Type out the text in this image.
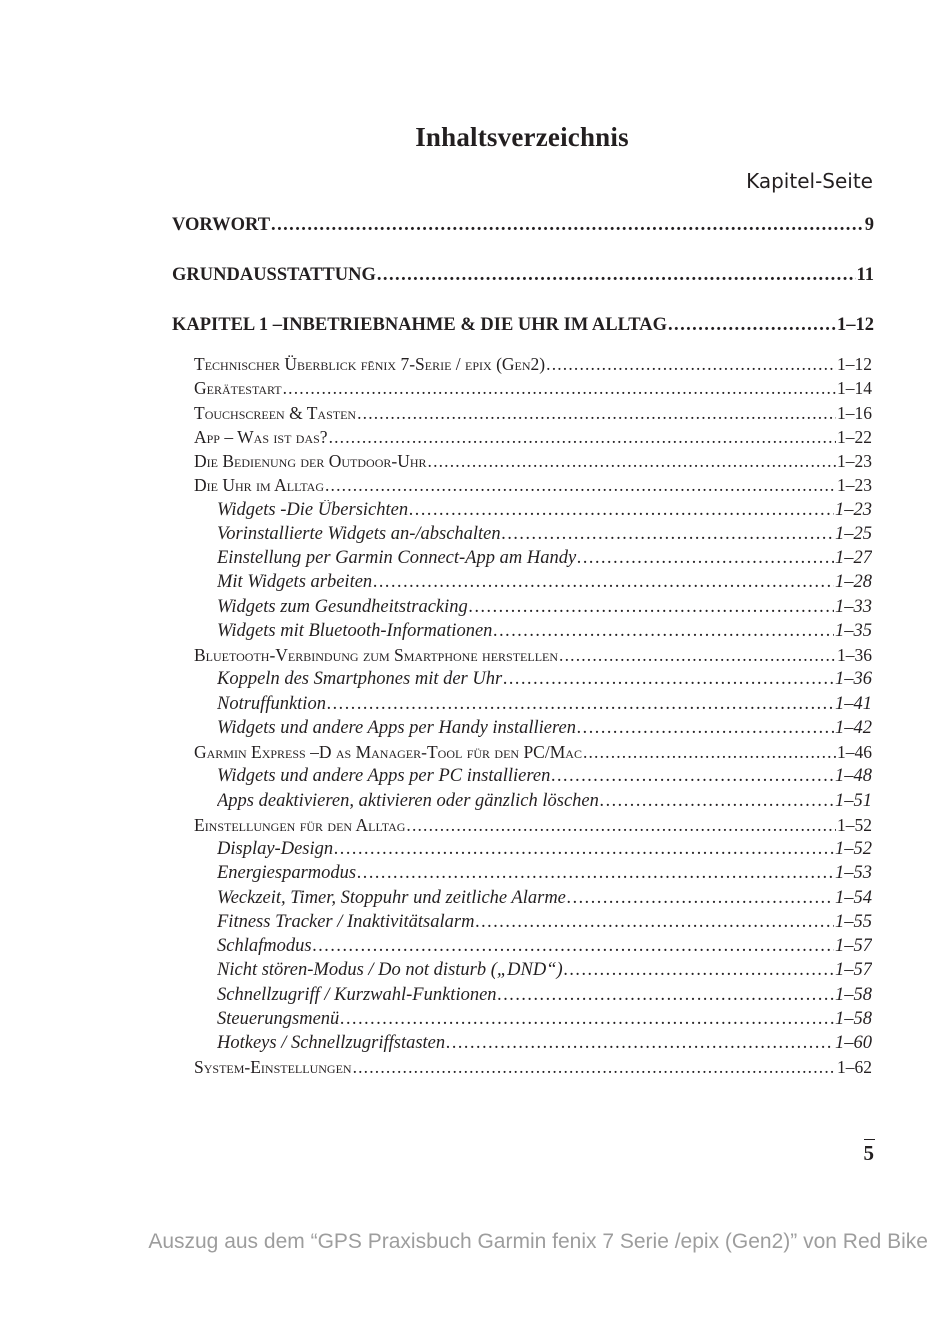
Inhaltsverzeichnis
Kapitel-Seite
VORWORT . . .	9
GRUNDAUSSTATTUNG . . .	11
KAPITEL 1 –INBETRIEBNAHME & DIE UHR IM ALLTAG . . .	1–12
Technischer Überblick fēnix 7-Serie / epix (Gen2) . . .	1–12
Gerätestart . . .	1–14
Touchscreen & Tasten . . .	1–16
App – Was ist das? . . .	1–22
Die Bedienung der Outdoor-Uhr . . .	1–23
Die Uhr im Alltag . . .	1–23
Widgets -Die Übersichten . . .	1–23
Vorinstallierte Widgets an-/abschalten . . .	1–25
Einstellung per Garmin Connect-App am Handy . . .	1–27
Mit Widgets arbeiten . . .	1–28
Widgets zum Gesundheitstracking . . .	1–33
Widgets mit Bluetooth-Informationen . . .	1–35
Bluetooth-Verbindung zum Smartphone herstellen . . .	1–36
Koppeln des Smartphones mit der Uhr . . .	1–36
Notruffunktion . . .	1–41
Widgets und andere Apps per Handy installieren . . .	1–42
Garmin Express –D as Manager-Tool für den PC/Mac . . .	1–46
Widgets und andere Apps per PC installieren . . .	1–48
Apps deaktivieren, aktivieren oder gänzlich löschen . . .	1–51
Einstellungen für den Alltag . . .	1–52
Display-Design . . .	1–52
Energiesparmodus . . .	1–53
Weckzeit, Timer, Stoppuhr und zeitliche Alarme . . .	1–54
Fitness Tracker / Inaktivitätsalarm . . .	1–55
Schlafmodus . . .	1–57
Nicht stören-Modus / Do not disturb („DND“) . . .	1–57
Schnellzugriff / Kurzwahl-Funktionen . . .	1–58
Steuerungsmenü . . .	1–58
Hotkeys / Schnellzugriffstasten . . .	1–60
System-Einstellungen . . .	1–62
5
Auszug aus dem “GPS Praxisbuch Garmin fenix 7 Serie /epix (Gen2)” von Red Bike
